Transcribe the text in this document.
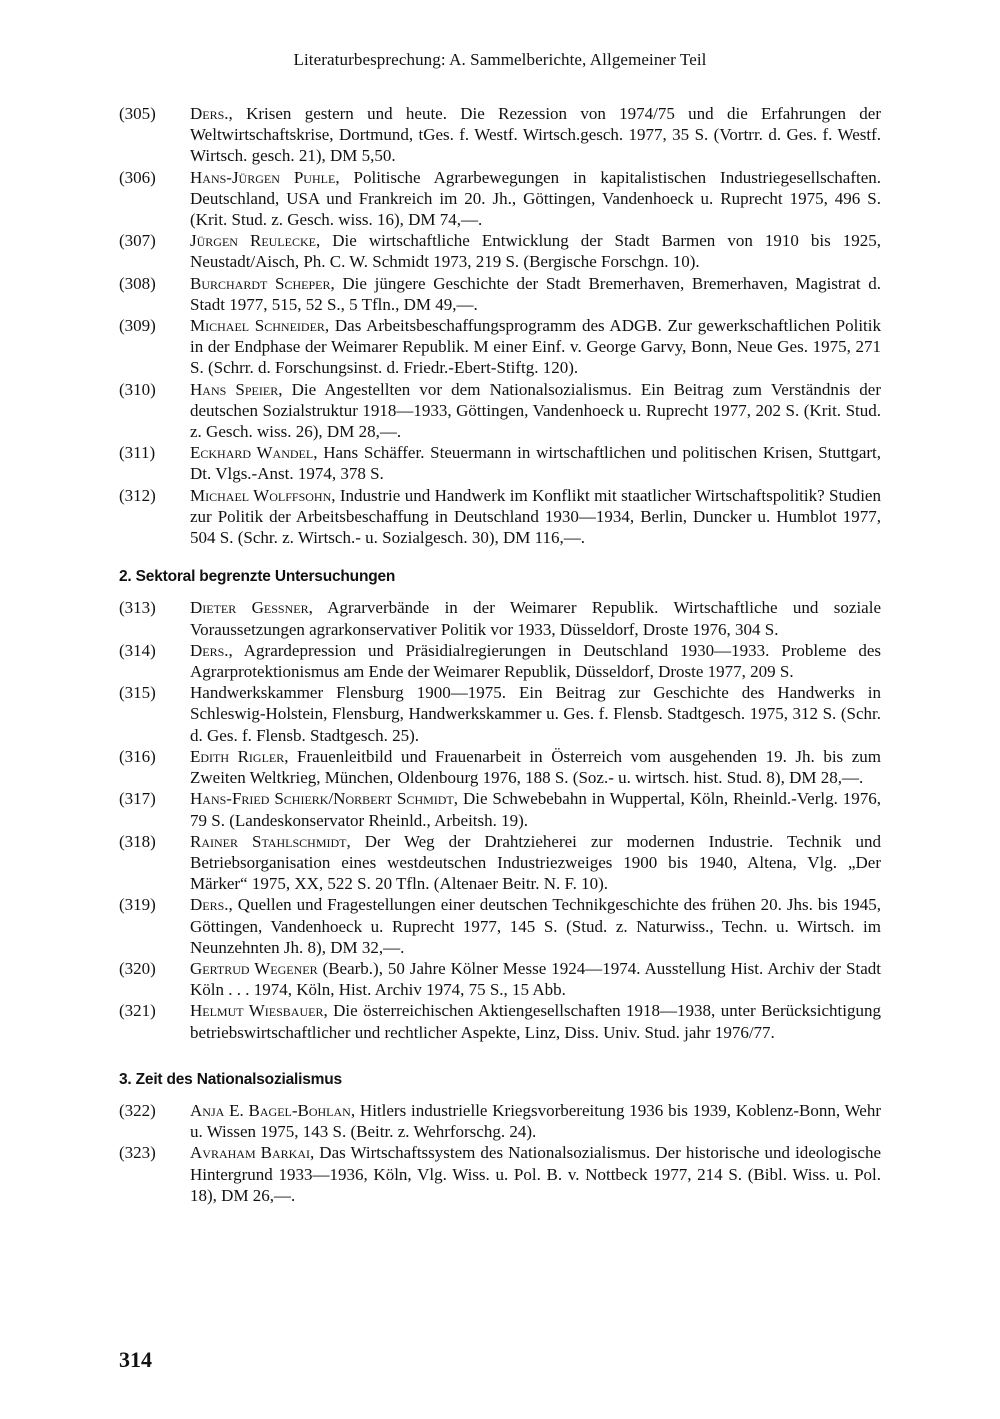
Literaturbesprechung: A. Sammelberichte, Allgemeiner Teil
(305) Ders., Krisen gestern und heute. Die Rezession von 1974/75 und die Erfahrungen der Weltwirtschaftskrise, Dortmund, tGes. f. Westf. Wirtsch.gesch. 1977, 35 S. (Vortrr. d. Ges. f. Westf. Wirtsch. gesch. 21), DM 5,50.
(306) Hans-Jürgen Puhle, Politische Agrarbewegungen in kapitalistischen Industriegesellschaften. Deutschland, USA und Frankreich im 20. Jh., Göttingen, Vandenhoeck u. Ruprecht 1975, 496 S. (Krit. Stud. z. Gesch. wiss. 16), DM 74,—.
(307) Jürgen Reulecke, Die wirtschaftliche Entwicklung der Stadt Barmen von 1910 bis 1925, Neustadt/Aisch, Ph. C. W. Schmidt 1973, 219 S. (Bergische Forschgn. 10).
(308) Burchardt Scheper, Die jüngere Geschichte der Stadt Bremerhaven, Bremerhaven, Magistrat d. Stadt 1977, 515, 52 S., 5 Tfln., DM 49,—.
(309) Michael Schneider, Das Arbeitsbeschaffungsprogramm des ADGB. Zur gewerkschaftlichen Politik in der Endphase der Weimarer Republik. M einer Einf. v. George Garvy, Bonn, Neue Ges. 1975, 271 S. (Schrr. d. Forschungsinst. d. Friedr.-Ebert-Stiftg. 120).
(310) Hans Speier, Die Angestellten vor dem Nationalsozialismus. Ein Beitrag zum Verständnis der deutschen Sozialstruktur 1918—1933, Göttingen, Vandenhoeck u. Ruprecht 1977, 202 S. (Krit. Stud. z. Gesch. wiss. 26), DM 28,—.
(311) Eckhard Wandel, Hans Schäffer. Steuermann in wirtschaftlichen und politischen Krisen, Stuttgart, Dt. Vlgs.-Anst. 1974, 378 S.
(312) Michael Wolffsohn, Industrie und Handwerk im Konflikt mit staatlicher Wirtschaftspolitik? Studien zur Politik der Arbeitsbeschaffung in Deutschland 1930—1934, Berlin, Duncker u. Humblot 1977, 504 S. (Schr. z. Wirtsch.- u. Sozialgesch. 30), DM 116,—.
2. Sektoral begrenzte Untersuchungen
(313) Dieter Gessner, Agrarverbände in der Weimarer Republik. Wirtschaftliche und soziale Voraussetzungen agrarkonservativer Politik vor 1933, Düsseldorf, Droste 1976, 304 S.
(314) Ders., Agrardepression und Präsidialregierungen in Deutschland 1930—1933. Probleme des Agrarprotektionismus am Ende der Weimarer Republik, Düsseldorf, Droste 1977, 209 S.
(315) Handwerkskammer Flensburg 1900—1975. Ein Beitrag zur Geschichte des Handwerks in Schleswig-Holstein, Flensburg, Handwerkskammer u. Ges. f. Flensb. Stadtgesch. 1975, 312 S. (Schr. d. Ges. f. Flensb. Stadtgesch. 25).
(316) Edith Rigler, Frauenleitbild und Frauenarbeit in Österreich vom ausgehenden 19. Jh. bis zum Zweiten Weltkrieg, München, Oldenbourg 1976, 188 S. (Soz.- u. wirtsch. hist. Stud. 8), DM 28,—.
(317) Hans-Fried Schierk/Norbert Schmidt, Die Schwebebahn in Wuppertal, Köln, Rheinld.-Verlg. 1976, 79 S. (Landeskonservator Rheinld., Arbeitsh. 19).
(318) Rainer Stahlschmidt, Der Weg der Drahtzieherei zur modernen Industrie. Technik und Betriebsorganisation eines westdeutschen Industriezweiges 1900 bis 1940, Altena, Vlg. „Der Märker“ 1975, XX, 522 S. 20 Tfln. (Altenaer Beitr. N. F. 10).
(319) Ders., Quellen und Fragestellungen einer deutschen Technikgeschichte des frühen 20. Jhs. bis 1945, Göttingen, Vandenhoeck u. Ruprecht 1977, 145 S. (Stud. z. Naturwiss., Techn. u. Wirtsch. im Neunzehnten Jh. 8), DM 32,—.
(320) Gertrud Wegener (Bearb.), 50 Jahre Kölner Messe 1924—1974. Ausstellung Hist. Archiv der Stadt Köln . . . 1974, Köln, Hist. Archiv 1974, 75 S., 15 Abb.
(321) Helmut Wiesbauer, Die österreichischen Aktiengesellschaften 1918—1938, unter Berücksichtigung betriebswirtschaftlicher und rechtlicher Aspekte, Linz, Diss. Univ. Stud. jahr 1976/77.
3. Zeit des Nationalsozialismus
(322) Anja E. Bagel-Bohlan, Hitlers industrielle Kriegsvorbereitung 1936 bis 1939, Koblenz-Bonn, Wehr u. Wissen 1975, 143 S. (Beitr. z. Wehrforschg. 24).
(323) Avraham Barkai, Das Wirtschaftssystem des Nationalsozialismus. Der historische und ideologische Hintergrund 1933—1936, Köln, Vlg. Wiss. u. Pol. B. v. Nottbeck 1977, 214 S. (Bibl. Wiss. u. Pol. 18), DM 26,—.
314
